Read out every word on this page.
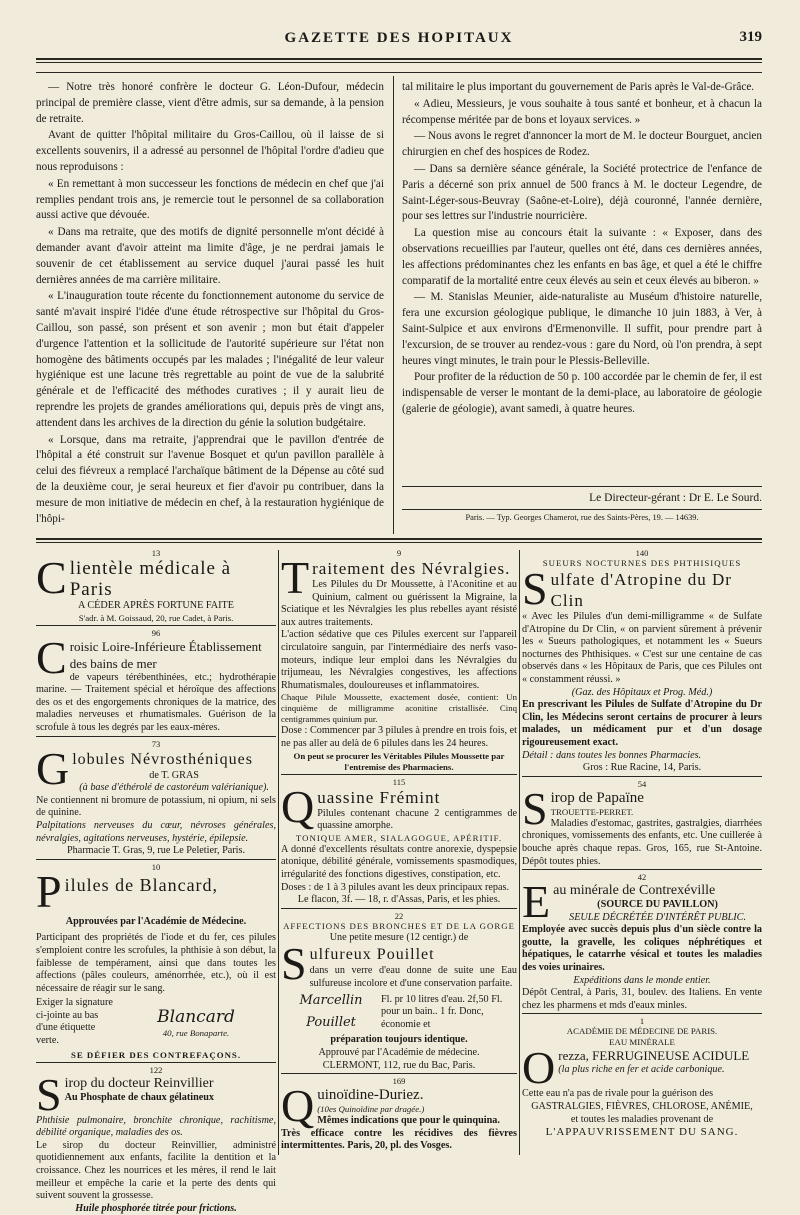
GAZETTE DES HOPITAUX	319

— Notre très honoré confrère le docteur G. Léon-Dufour, médecin principal de première classe, vient d'être admis, sur sa demande, à la pension de retraite.

Avant de quitter l'hôpital militaire du Gros-Caillou, où il laisse de si excellents souvenirs, il a adressé au personnel de l'hôpital l'ordre d'adieu que nous reproduisons :

« En remettant à mon successeur les fonctions de médecin en chef que j'ai remplies pendant trois ans, je remercie tout le personnel de sa collaboration aussi active que dévouée.

« Dans ma retraite, que des motifs de dignité personnelle m'ont décidé à demander avant d'avoir atteint ma limite d'âge, je ne perdrai jamais le souvenir de cet établissement au service duquel j'aurai passé les huit dernières années de ma carrière militaire.

« L'inauguration toute récente du fonctionnement autonome du service de santé m'avait inspiré l'idée d'une étude rétrospective sur l'hôpital du Gros-Caillou, son passé, son présent et son avenir ; mon but était d'appeler d'urgence l'attention et la sollicitude de l'autorité supérieure sur l'état non homogène des bâtiments occupés par les malades ; l'inégalité de leur valeur hygiénique est une lacune très regrettable au point de vue de la salubrité générale et de l'efficacité des méthodes curatives ; il y aurait lieu de reprendre les projets de grandes améliorations qui, depuis près de vingt ans, attendent dans les archives de la direction du génie la solution budgétaire.

« Lorsque, dans ma retraite, j'apprendrai que le pavillon d'entrée de l'hôpital a été construit sur l'avenue Bosquet et qu'un pavillon parallèle à celui des fiévreux a remplacé l'archaïque bâtiment de la Dépense au côté sud de la deuxième cour, je serai heureux et fier d'avoir pu contribuer, dans la mesure de mon initiative de médecin en chef, à la restauration hygiénique de l'hôpi-

tal militaire le plus important du gouvernement de Paris après le Val-de-Grâce.

« Adieu, Messieurs, je vous souhaite à tous santé et bonheur, et à chacun la récompense méritée par de bons et loyaux services. »

— Nous avons le regret d'annoncer la mort de M. le docteur Bourguet, ancien chirurgien en chef des hospices de Rodez.

— Dans sa dernière séance générale, la Société protectrice de l'enfance de Paris a décerné son prix annuel de 500 francs à M. le docteur Legendre, de Saint-Léger-sous-Beuvray (Saône-et-Loire), déjà couronné, l'année dernière, pour ses lettres sur l'industrie nourricière.

La question mise au concours était la suivante : « Exposer, dans des observations recueillies par l'auteur, quelles ont été, dans ces dernières années, les affections prédominantes chez les enfants en bas âge, et quel a été le chiffre comparatif de la mortalité entre ceux élevés au sein et ceux élevés au biberon. »

— M. Stanislas Meunier, aide-naturaliste au Muséum d'histoire naturelle, fera une excursion géologique publique, le dimanche 10 juin 1883, à Ver, à Saint-Sulpice et aux environs d'Ermenonville. Il suffit, pour prendre part à l'excursion, de se trouver au rendez-vous : gare du Nord, où l'on prendra, à sept heures vingt minutes, le train pour le Plessis-Belleville.

Pour profiter de la réduction de 50 p. 100 accordée par le chemin de fer, il est indispensable de verser le montant de la demi-place, au laboratoire de géologie (galerie de géologie), avant samedi, à quatre heures.

Le Directeur-gérant : Dr E. Le Sourd.
Paris. — Typ. Georges Chamerot, rue des Saints-Pères, 19. — 14639.
13
C lientèle médicale à Paris
A CÉDER APRÈS FORTUNE FAITE
S'adr. à M. Goissaud, 20, rue Cadet, à Paris.
96
C roisic Loire-Inférieure Établissement des bains de mer
de vapeurs térébenthinées, etc.; hydrothérapie marine. — Traitement spécial et héroïque des affections des os et des engorgements chroniques de la matrice, des maladies nerveuses et rhumatismales. Guérison de la scrofule à tous les degrés par les eaux-mères.
73
G lobules Névrosthéniques
de T. GRAS
(à base d'éthérolé de castoréum valérianique).
Ne contiennent ni bromure de potassium, ni opium, ni sels de quinine.
Palpitations nerveuses du cœur, névroses générales, névralgies, agitations nerveuses, hystérie, épilepsie.
Pharmacie T. Gras, 9, rue Le Peletier, Paris.
10
P ilules de Blancard,
Approuvées par l'Académie de Médecine.
Participant des propriétés de l'iode et du fer, ces pilules s'emploient contre les scrofules, la phthisie à son début, la faiblesse de tempérament, ainsi que dans toutes les affections (pâles couleurs, aménorrhée, etc.), où il est nécessaire de réagir sur le sang.
Exiger la signature ci-jointe au bas d'une étiquette verte.
Blancard
40, rue Bonaparte.
SE DÉFIER DES CONTREFAÇONS.
122
S irop du docteur Reinvillier
Au Phosphate de chaux gélatineux
Phthisie pulmonaire, bronchite chronique, rachitisme, débilité organique, maladies des os.
Le sirop du docteur Reinvillier, administré quotidiennement aux enfants, facilite la dentition et la croissance. Chez les nourrices et les mères, il rend le lait meilleur et empêche la carie et la perte des dents qui suivent souvent la grossesse.
Huile phosphorée titrée pour frictions.
9
T raitement des Névralgies.
Les Pilules du Dr Moussette, à l'Aconitine et au Quinium, calment ou guérissent la Migraine, la Sciatique et les Névralgies les plus rebelles ayant résisté aux autres traitements.
L'action sédative que ces Pilules exercent sur l'appareil circulatoire sanguin, par l'intermédiaire des nerfs vaso-moteurs, indique leur emploi dans les Névralgies du trijumeau, les Névralgies congestives, les affections Rhumatismales, douloureuses et inflammatoires.
Chaque Pilule Moussette, exactement dosée, contient: Un cinquième de milligramme aconitine cristallisée. Cinq centigrammes quinium pur.
Dose : Commencer par 3 pilules à prendre en trois fois, et ne pas aller au delà de 6 pilules dans les 24 heures.
On peut se procurer les Véritables Pilules Moussette par l'entremise des Pharmaciens.
115
Q uassine Frémint
Pilules contenant chacune 2 centigrammes de quassine amorphe.
TONIQUE AMER, SIALAGOGUE, APÉRITIF.
A donné d'excellents résultats contre anorexie, dyspepsie atonique, débilité générale, vomissements spasmodiques, irrégularité des fonctions digestives, constipation, etc.
Doses : de 1 à 3 pilules avant les deux principaux repas.
Le flacon, 3f. — 18, r. d'Assas, Paris, et les phies.
22
AFFECTIONS DES BRONCHES ET DE LA GORGE
Une petite mesure (12 centigr.) de
S ulfureux Pouillet
dans un verre d'eau donne de suite une Eau sulfureuse incolore et d'une conservation parfaite.
Marcellin Pouillet
Fl. pr 10 litres d'eau. 2f,50 Fl. pour un bain.. 1 fr. Donc, économie et
préparation toujours identique.
Approuvé par l'Académie de médecine.
CLERMONT, 112, rue du Bac, Paris.
169
Q uinoïdine-Duriez.
(10es Quinoïdine par dragée.)
Mêmes indications que pour le quinquina.
Très efficace contre les récidives des fièvres intermittentes. Paris, 20, pl. des Vosges.
140
SUEURS NOCTURNES DES PHTHISIQUES
S ulfate d'Atropine du Dr Clin
« Avec les Pilules d'un demi-milligramme « de Sulfate d'Atropine du Dr Clin, « on parvient sûrement à prévenir les « Sueurs pathologiques, et notamment les « Sueurs nocturnes des Phthisiques. « C'est sur une centaine de cas observés dans « les Hôpitaux de Paris, que ces Pilules ont « constamment réussi. »
(Gaz. des Hôpitaux et Prog. Méd.)
En prescrivant les Pilules de Sulfate d'Atropine du Dr Clin, les Médecins seront certains de procurer à leurs malades, un médicament pur et d'un dosage rigoureusement exact.
Détail : dans toutes les bonnes Pharmacies.
Gros : Rue Racine, 14, Paris.
54
S irop de Papaïne
TROUETTE-PERRET.
Maladies d'estomac, gastrites, gastralgies, diarrhées chroniques, vomissements des enfants, etc. Une cuillerée à bouche après chaque repas. Gros, 165, rue St-Antoine. Dépôt toutes phies.
42
E au minérale de Contrexéville
(SOURCE DU PAVILLON)
SEULE DÉCRÉTÉE D'INTÉRÊT PUBLIC.
Employée avec succès depuis plus d'un siècle contre la goutte, la gravelle, les coliques néphrétiques et hépatiques, le catarrhe vésical et toutes les maladies des voies urinaires.
Expéditions dans le monde entier.
Dépôt Central, à Paris, 31, boulev. des Italiens. En vente chez les pharmens et mds d'eaux minles.
1
ACADÉMIE DE MÉDECINE DE PARIS.
EAU MINÉRALE
O rezza, FERRUGINEUSE ACIDULE
(la plus riche en fer et acide carbonique.
Cette eau n'a pas de rivale pour la guérison des
GASTRALGIES, FIÈVRES, CHLOROSE, ANÉMIE,
et toutes les maladies provenant de
L'APPAUVRISSEMENT DU SANG.
